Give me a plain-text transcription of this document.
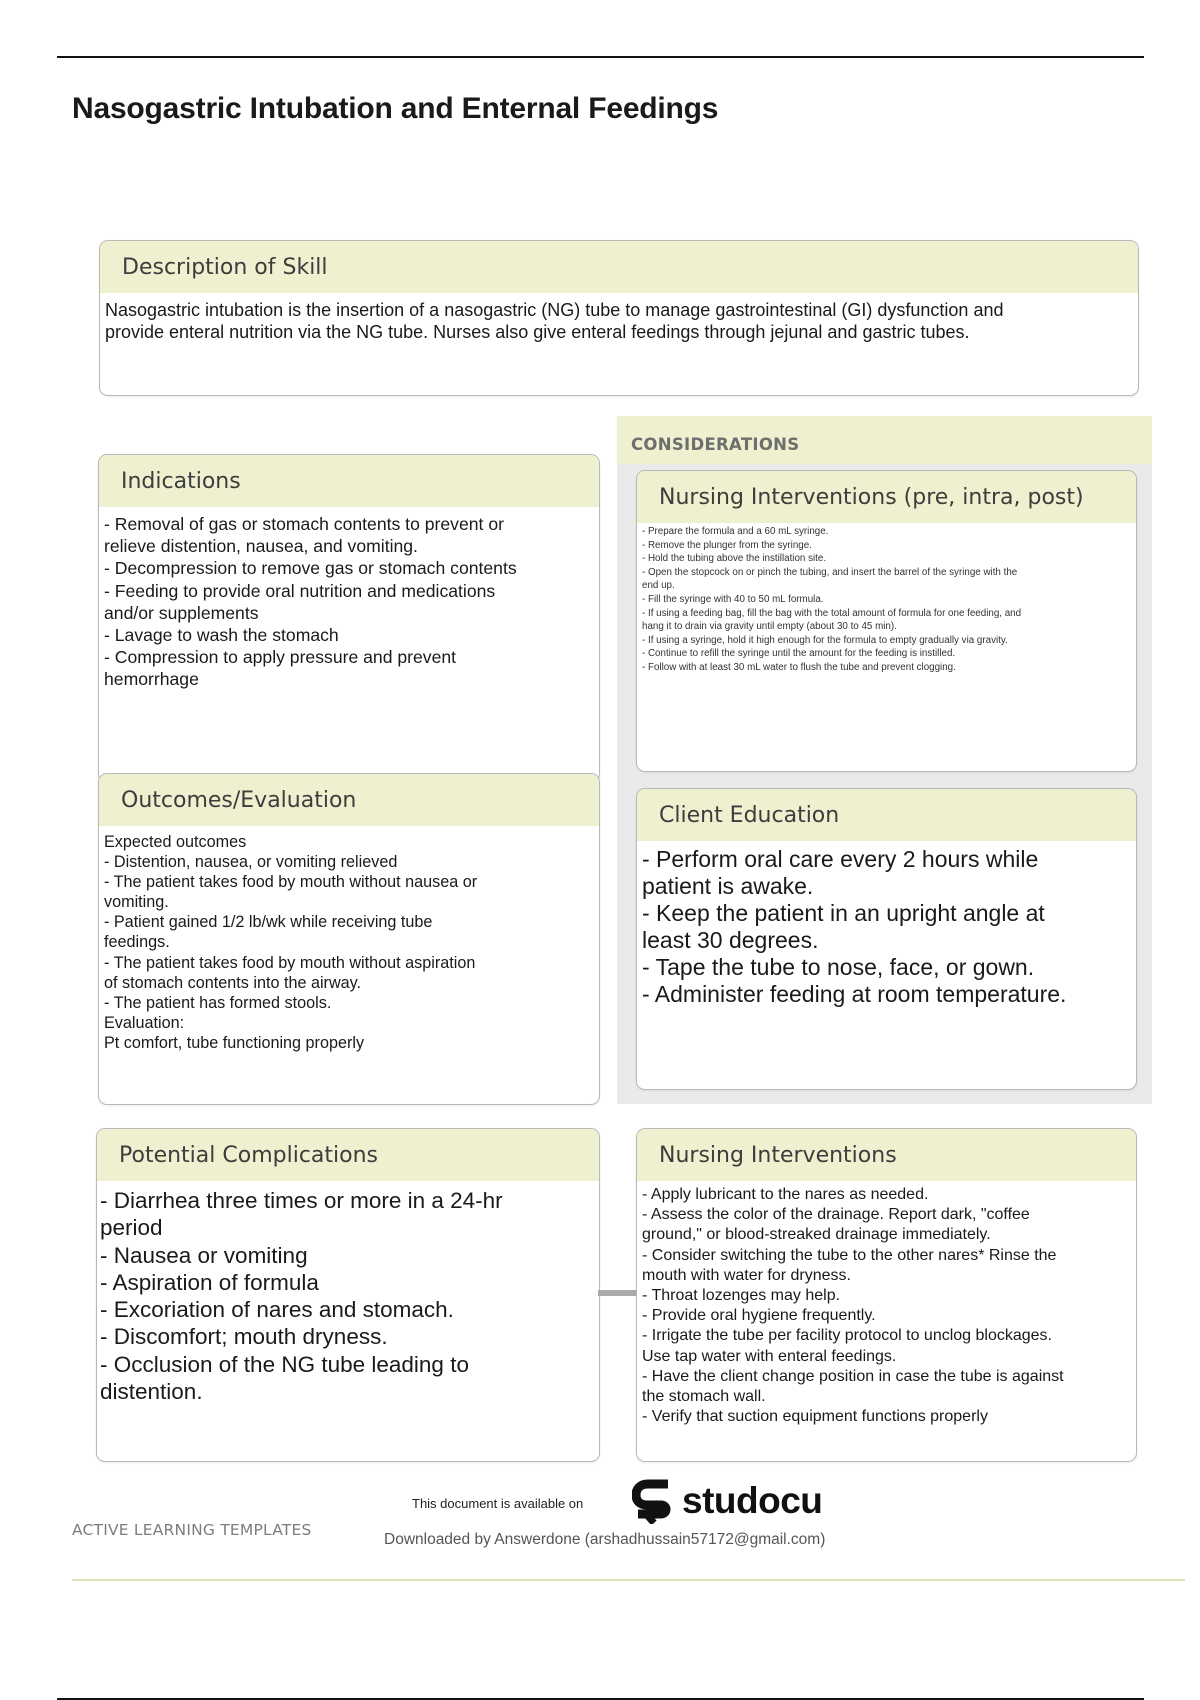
Nasogastric Intubation and Enternal Feedings
Description of Skill
Nasogastric intubation is the insertion of a nasogastric (NG) tube to manage gastrointestinal (GI) dysfunction and
provide enteral nutrition via the NG tube. Nurses also give enteral feedings through jejunal and gastric tubes.
Indications
- Removal of gas or stomach contents to prevent or
relieve distention, nausea, and vomiting.
- Decompression to remove gas or stomach contents
- Feeding to provide oral nutrition and medications
and/or supplements
- Lavage to wash the stomach
- Compression to apply pressure and prevent
hemorrhage
Outcomes/Evaluation
Expected outcomes
- Distention, nausea, or vomiting relieved
- The patient takes food by mouth without nausea or
vomiting.
- Patient gained 1/2 lb/wk while receiving tube
feedings.
- The patient takes food by mouth without aspiration
of stomach contents into the airway.
- The patient has formed stools.
Evaluation:
Pt comfort, tube functioning properly
CONSIDERATIONS
Nursing Interventions (pre, intra, post)
- Prepare the formula and a 60 mL syringe.
- Remove the plunger from the syringe.
- Hold the tubing above the instillation site.
- Open the stopcock on or pinch the tubing, and insert the barrel of the syringe with the
end up.
- Fill the syringe with 40 to 50 mL formula.
- If using a feeding bag, fill the bag with the total amount of formula for one feeding, and
hang it to drain via gravity until empty (about 30 to 45 min).
- If using a syringe, hold it high enough for the formula to empty gradually via gravity.
- Continue to refill the syringe until the amount for the feeding is instilled.
- Follow with at least 30 mL water to flush the tube and prevent clogging.
Client Education
- Perform oral care every 2 hours while
patient is awake.
- Keep the patient in an upright angle at
least 30 degrees.
- Tape the tube to nose, face, or gown.
- Administer feeding at room temperature.
Potential Complications
- Diarrhea three times or more in a 24-hr
period
- Nausea or vomiting
- Aspiration of formula
- Excoriation of nares and stomach.
- Discomfort; mouth dryness.
- Occlusion of the NG tube leading to
distention.
Nursing Interventions
- Apply lubricant to the nares as needed.
- Assess the color of the drainage. Report dark, "coffee
ground," or blood-streaked drainage immediately.
- Consider switching the tube to the other nares* Rinse the
mouth with water for dryness.
- Throat lozenges may help.
- Provide oral hygiene frequently.
- Irrigate the tube per facility protocol to unclog blockages.
Use tap water with enteral feedings.
- Have the client change position in case the tube is against
the stomach wall.
- Verify that suction equipment functions properly
ACTIVE LEARNING TEMPLATES
This document is available on	studocu
Downloaded by Answerdone (arshadhussain57172@gmail.com)
